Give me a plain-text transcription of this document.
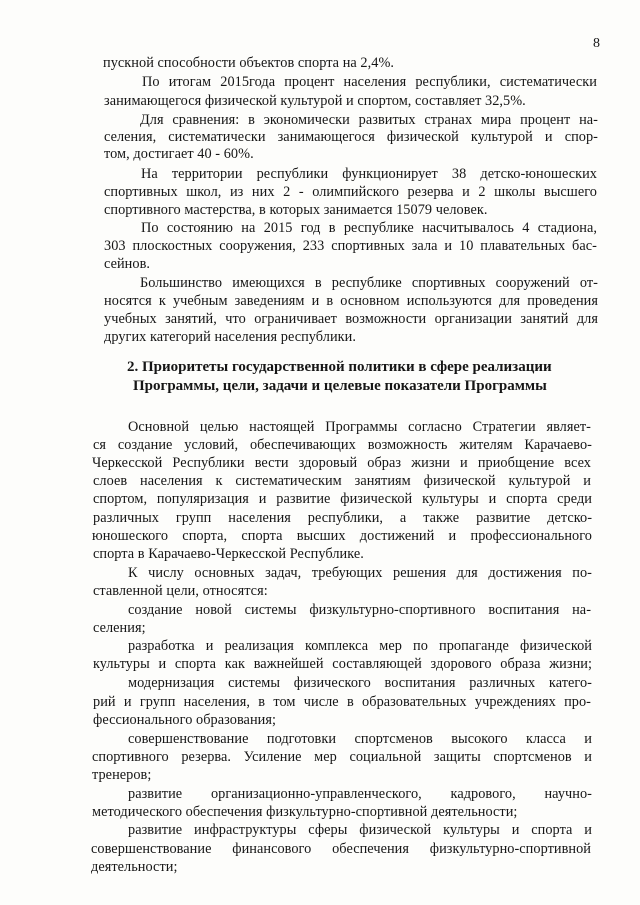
8
пускной способности объектов спорта на 2,4%.
По итогам 2015года процент населения республики, систематически
занимающегося физической культурой и спортом, составляет 32,5%.
Для сравнения: в экономически развитых странах мира процент на-
селения, систематически занимающегося физической культурой и спор-
том, достигает 40 - 60%.
На территории республики функционирует 38 детско-юношеских
спортивных школ, из них 2 - олимпийского резерва и 2 школы высшего
спортивного мастерства, в которых занимается 15079 человек.
По состоянию на 2015 год в республике насчитывалось 4 стадиона,
303 плоскостных сооружения, 233 спортивных зала и 10 плавательных бас-
сейнов.
Большинство имеющихся в республике спортивных сооружений от-
носятся к учебным заведениям и в основном используются для проведения
учебных занятий, что ограничивает возможности организации занятий для
других категорий населения республики.
2. Приоритеты государственной политики в сфере реализации
Программы, цели, задачи и целевые показатели Программы
Основной целью настоящей Программы согласно Стратегии являет-
ся создание условий, обеспечивающих возможность жителям Карачаево-
Черкесской Республики вести здоровый образ жизни и приобщение всех
слоев населения к систематическим занятиям физической культурой и
спортом, популяризация и развитие физической культуры и спорта среди
различных групп населения республики, а также развитие детско-
юношеского спорта, спорта высших достижений и профессионального
спорта в Карачаево-Черкесской Республике.
К числу основных задач, требующих решения для достижения по-
ставленной цели, относятся:
создание новой системы физкультурно-спортивного воспитания на-
селения;
разработка и реализация комплекса мер по пропаганде физической
культуры и спорта как важнейшей составляющей здорового образа жизни;
модернизация системы физического воспитания различных катего-
рий и групп населения, в том числе в образовательных учреждениях про-
фессионального образования;
совершенствование подготовки спортсменов высокого класса и
спортивного резерва. Усиление мер социальной защиты спортсменов и
тренеров;
развитие организационно-управленческого, кадрового, научно-
методического обеспечения физкультурно-спортивной деятельности;
развитие инфраструктуры сферы физической культуры и спорта и
совершенствование финансового обеспечения физкультурно-спортивной
деятельности;
